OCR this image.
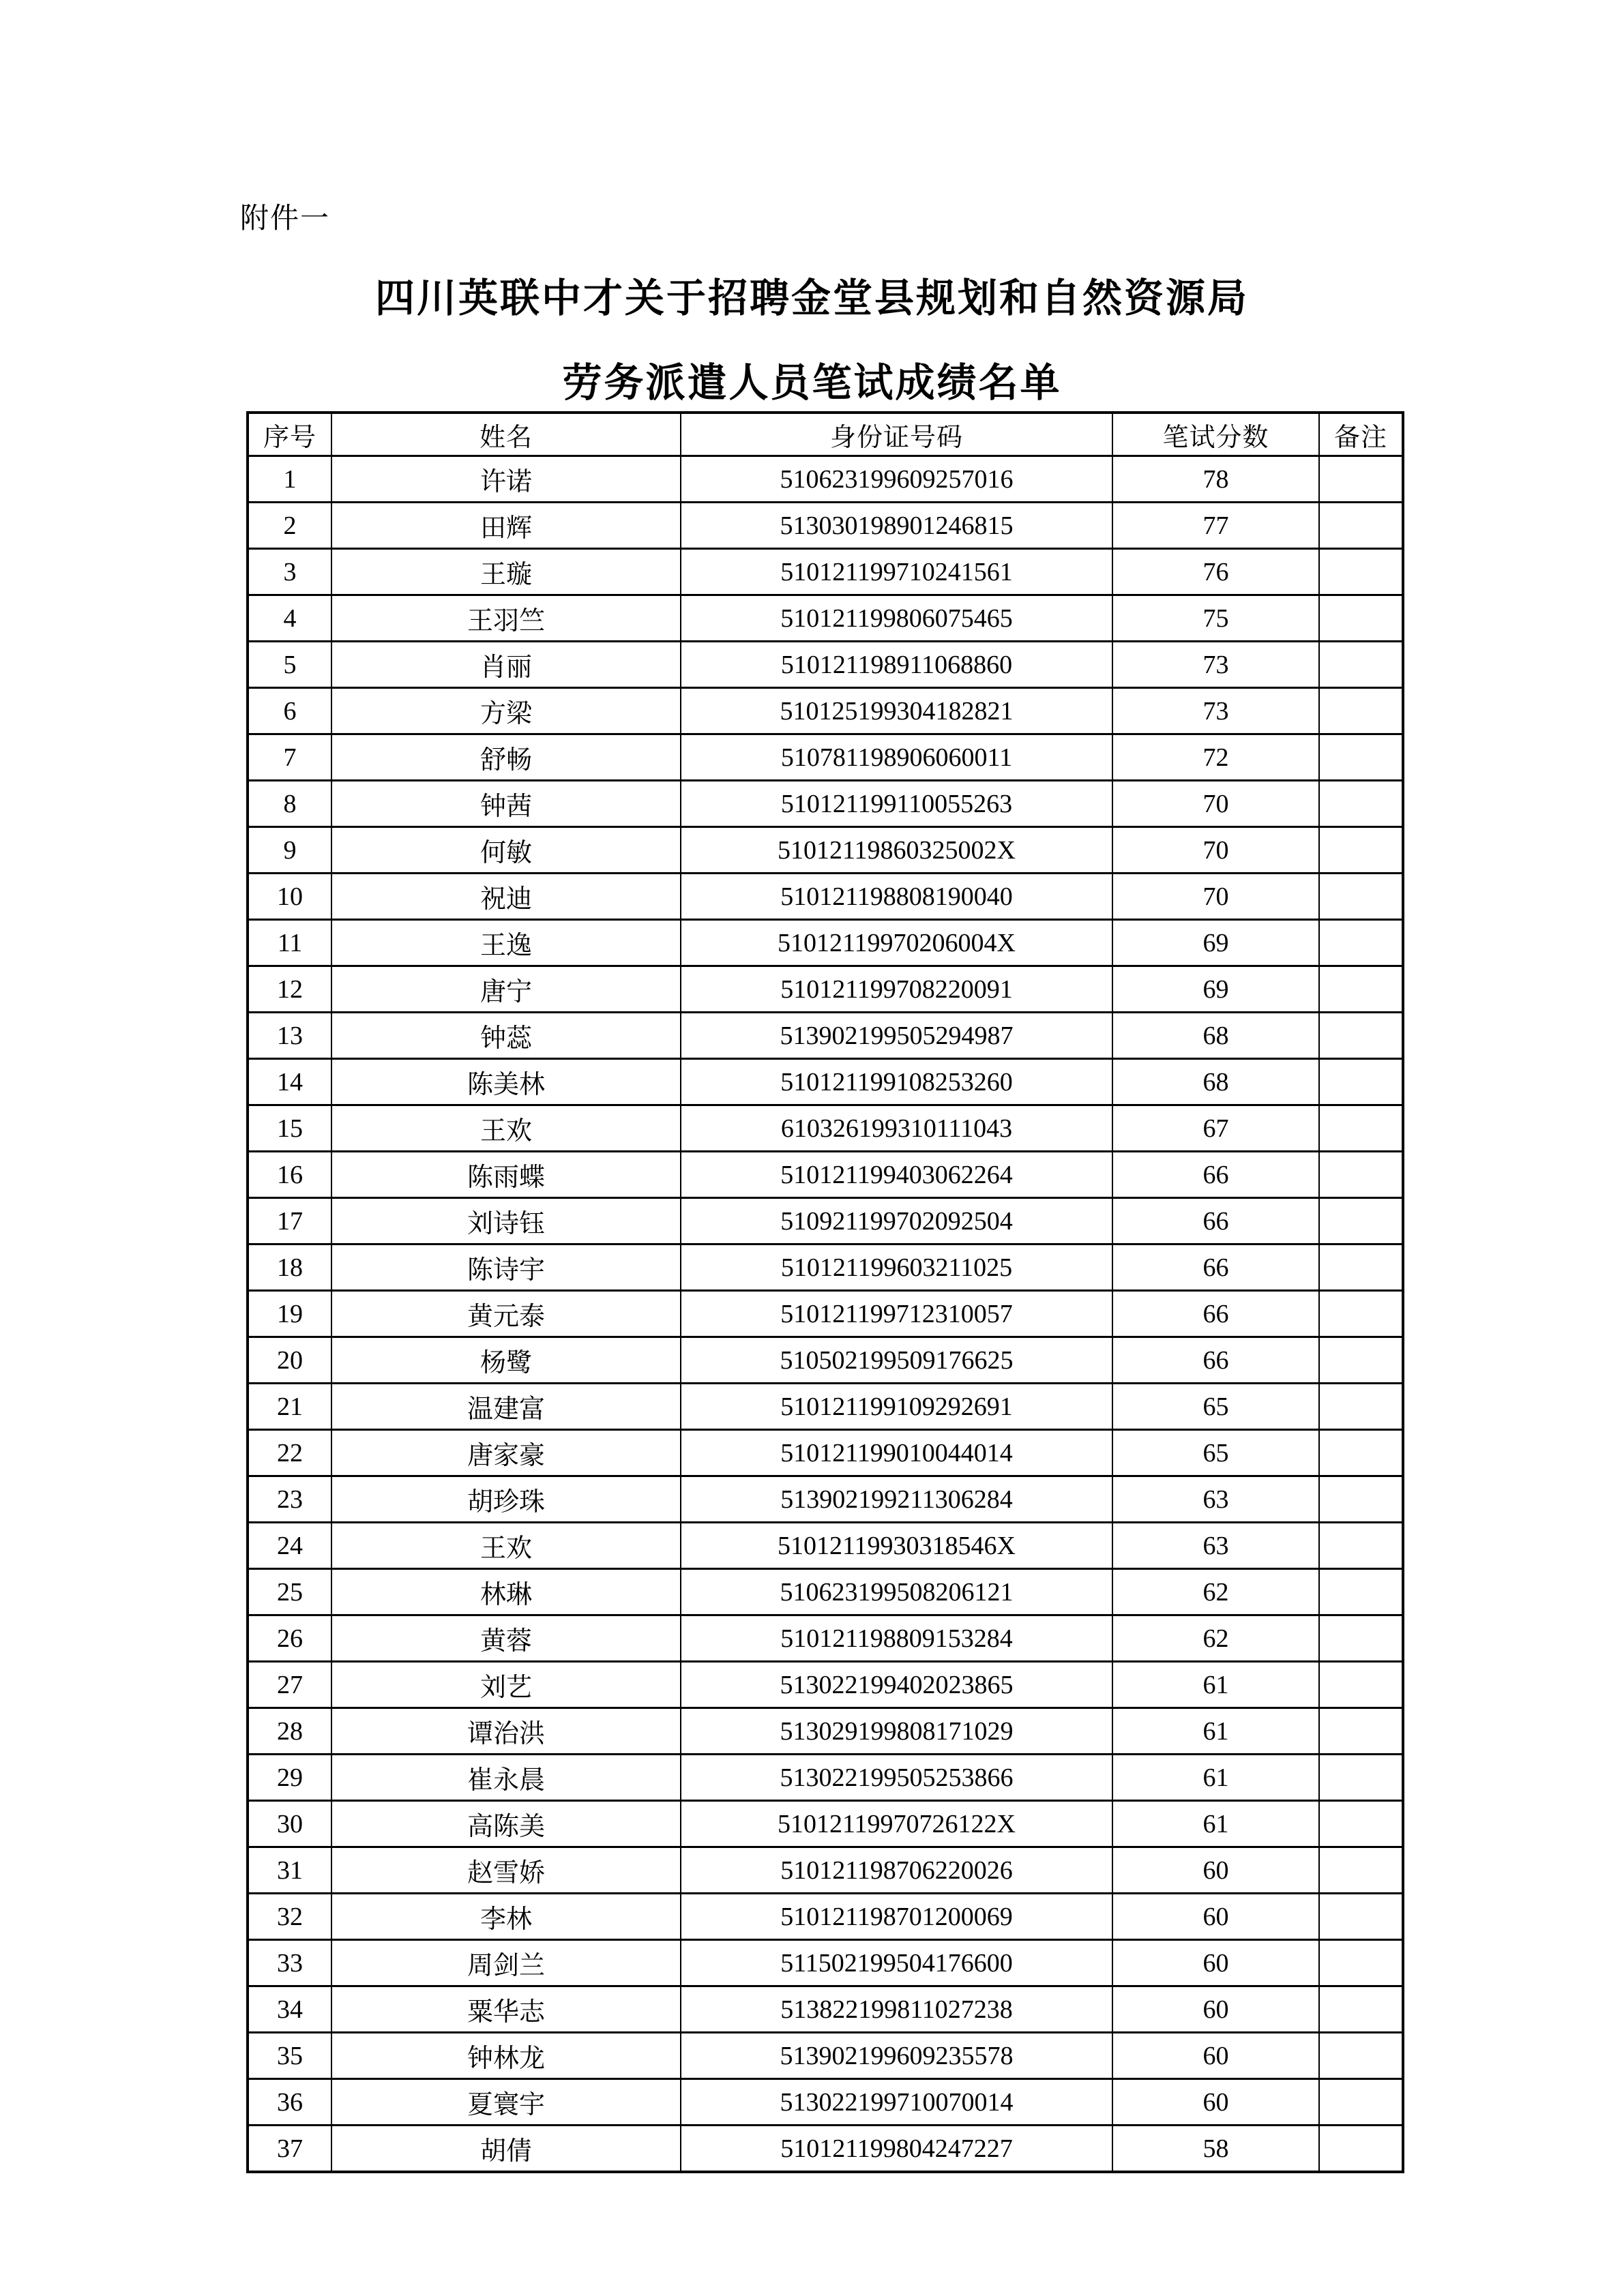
附件一
四川英联中才关于招聘金堂县规划和自然资源局
劳务派遣人员笔试成绩名单
序号	姓名	身份证号码	笔试分数	备注
1	许诺	510623199609257016	78	
2	田辉	513030198901246815	77	
3	王璇	510121199710241561	76	
4	王羽竺	510121199806075465	75	
5	肖丽	510121198911068860	73	
6	方梁	510125199304182821	73	
7	舒畅	510781198906060011	72	
8	钟茜	510121199110055263	70	
9	何敏	51012119860325002X	70	
10	祝迪	510121198808190040	70	
11	王逸	51012119970206004X	69	
12	唐宁	510121199708220091	69	
13	钟蕊	513902199505294987	68	
14	陈美林	510121199108253260	68	
15	王欢	610326199310111043	67	
16	陈雨蝶	510121199403062264	66	
17	刘诗钰	510921199702092504	66	
18	陈诗宇	510121199603211025	66	
19	黄元泰	510121199712310057	66	
20	杨鹭	510502199509176625	66	
21	温建富	510121199109292691	65	
22	唐家豪	510121199010044014	65	
23	胡珍珠	513902199211306284	63	
24	王欢	51012119930318546X	63	
25	林琳	510623199508206121	62	
26	黄蓉	510121198809153284	62	
27	刘艺	513022199402023865	61	
28	谭治洪	513029199808171029	61	
29	崔永晨	513022199505253866	61	
30	高陈美	51012119970726122X	61	
31	赵雪娇	510121198706220026	60	
32	李林	510121198701200069	60	
33	周剑兰	511502199504176600	60	
34	粟华志	513822199811027238	60	
35	钟林龙	513902199609235578	60	
36	夏寰宇	513022199710070014	60	
37	胡倩	510121199804247227	58	
